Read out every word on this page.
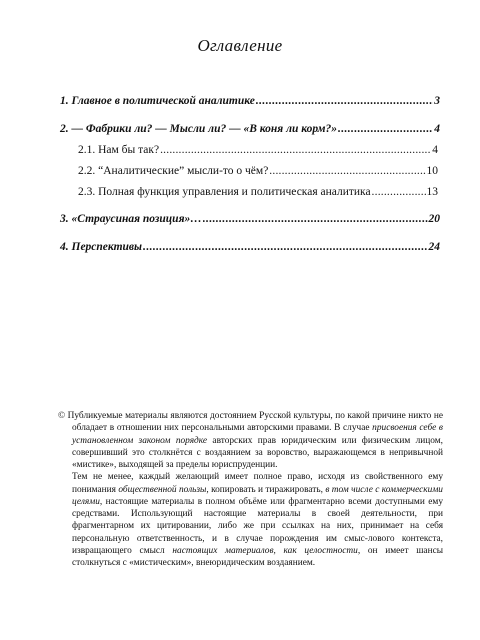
Оглавление
1. Главное в политической аналитике .....	3
2. — Фабрики ли? — Мысли ли? — «В коня ли корм?» .....	4
2.1. Нам бы так? .....	4
2.2. “Аналитические” мысли-то о чём? .....	10
2.3. Полная функция управления и политическая аналитика .....	13
3. «Страусиная позиция»… .....	20
4. Перспективы .....	24

© Публикуемые материалы являются достоянием Русской культуры, по какой причине никто не обладает в отношении них персональными авторскими правами. В случае присвоения себе в установленном законом порядке авторских прав юридическим или физическим лицом, совершивший это столкнётся с воздаянием за воровство, выражающемся в непривычной «мистике», выходящей за пределы юриспруденции.

Тем не менее, каждый желающий имеет полное право, исходя из свойственного ему понимания общественной пользы, копировать и тиражировать, в том числе с коммерческими целями, настоящие материалы в полном объёме или фрагментарно всеми доступными ему средствами. Использующий настоящие материалы в своей деятельности, при фрагментарном их цитировании, либо же при ссылках на них, принимает на себя персональную ответственность, и в случае порождения им смыс-лового контекста, извращающего смысл настоящих материалов, как целостности, он имеет шансы столкнуться с «мистическим», внеюридическим воздаянием.
